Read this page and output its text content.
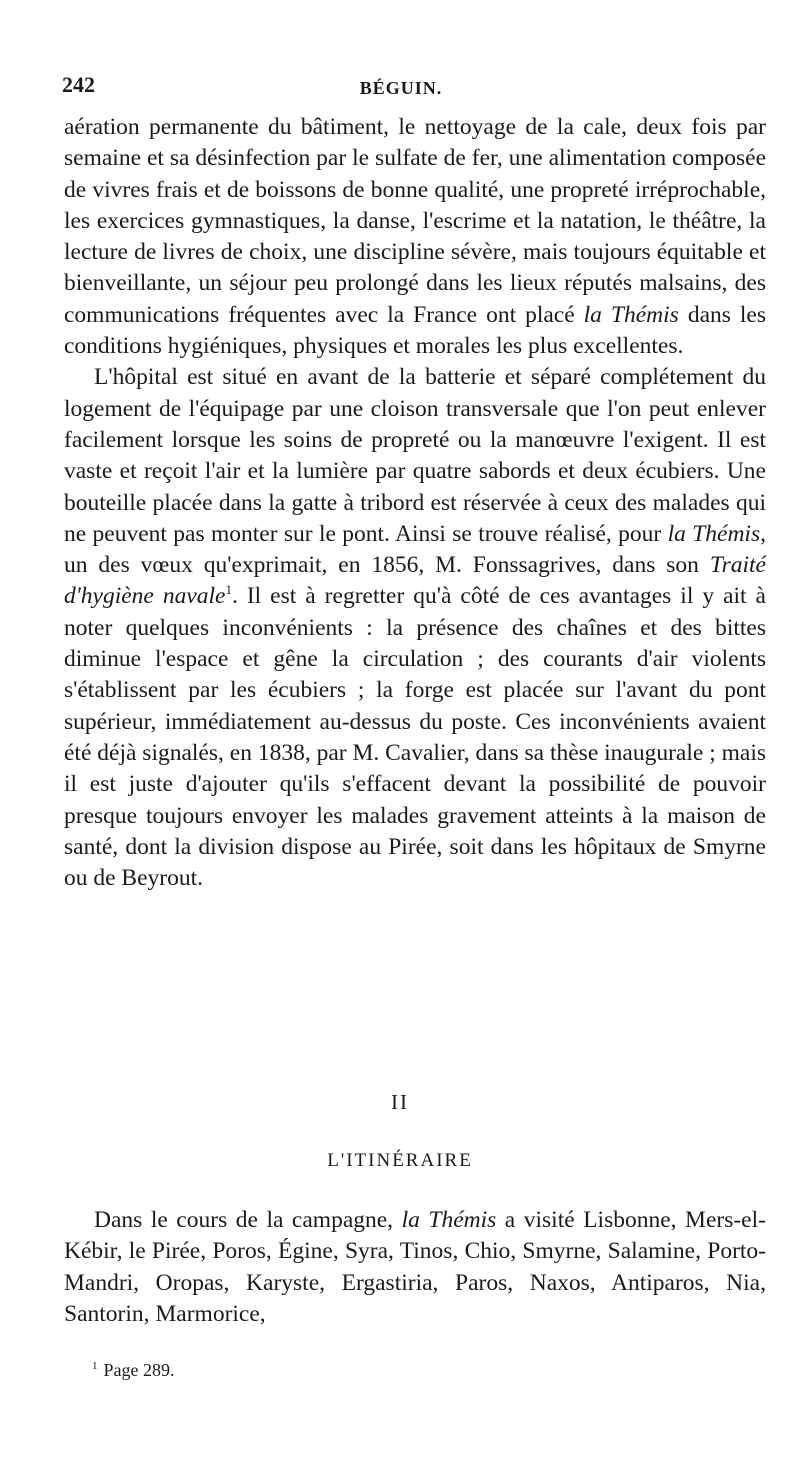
242	BÉGUIN.

aération permanente du bâtiment, le nettoyage de la cale, deux fois par semaine et sa désinfection par le sulfate de fer, une alimentation composée de vivres frais et de boissons de bonne qualité, une propreté irréprochable, les exercices gymnastiques, la danse, l'escrime et la natation, le théâtre, la lecture de livres de choix, une discipline sévère, mais toujours équitable et bienveillante, un séjour peu prolongé dans les lieux réputés malsains, des communications fréquentes avec la France ont placé la Thémis dans les conditions hygiéniques, physiques et morales les plus excellentes.

L'hôpital est situé en avant de la batterie et séparé complétement du logement de l'équipage par une cloison transversale que l'on peut enlever facilement lorsque les soins de propreté ou la manœuvre l'exigent. Il est vaste et reçoit l'air et la lumière par quatre sabords et deux écubiers. Une bouteille placée dans la gatte à tribord est réservée à ceux des malades qui ne peuvent pas monter sur le pont. Ainsi se trouve réalisé, pour la Thémis, un des vœux qu'exprimait, en 1856, M. Fonssagrives, dans son Traité d'hygiène navale$^1$. Il est à regretter qu'à côté de ces avantages il y ait à noter quelques inconvénients : la présence des chaînes et des bittes diminue l'espace et gêne la circulation ; des courants d'air violents s'établissent par les écubiers ; la forge est placée sur l'avant du pont supérieur, immédiatement au-dessus du poste. Ces inconvénients avaient été déjà signalés, en 1838, par M. Cavalier, dans sa thèse inaugurale ; mais il est juste d'ajouter qu'ils s'effacent devant la possibilité de pouvoir presque toujours envoyer les malades gravement atteints à la maison de santé, dont la division dispose au Pirée, soit dans les hôpitaux de Smyrne ou de Beyrout.

II
L'ITINÉRAIRE

Dans le cours de la campagne, la Thémis a visité Lisbonne, Mers-el-Kébir, le Pirée, Poros, Égine, Syra, Tinos, Chio, Smyrne, Salamine, Porto-Mandri, Oropas, Karyste, Ergastiria, Paros, Naxos, Antiparos, Nia, Santorin, Marmorice,

$^1$ Page 289.
